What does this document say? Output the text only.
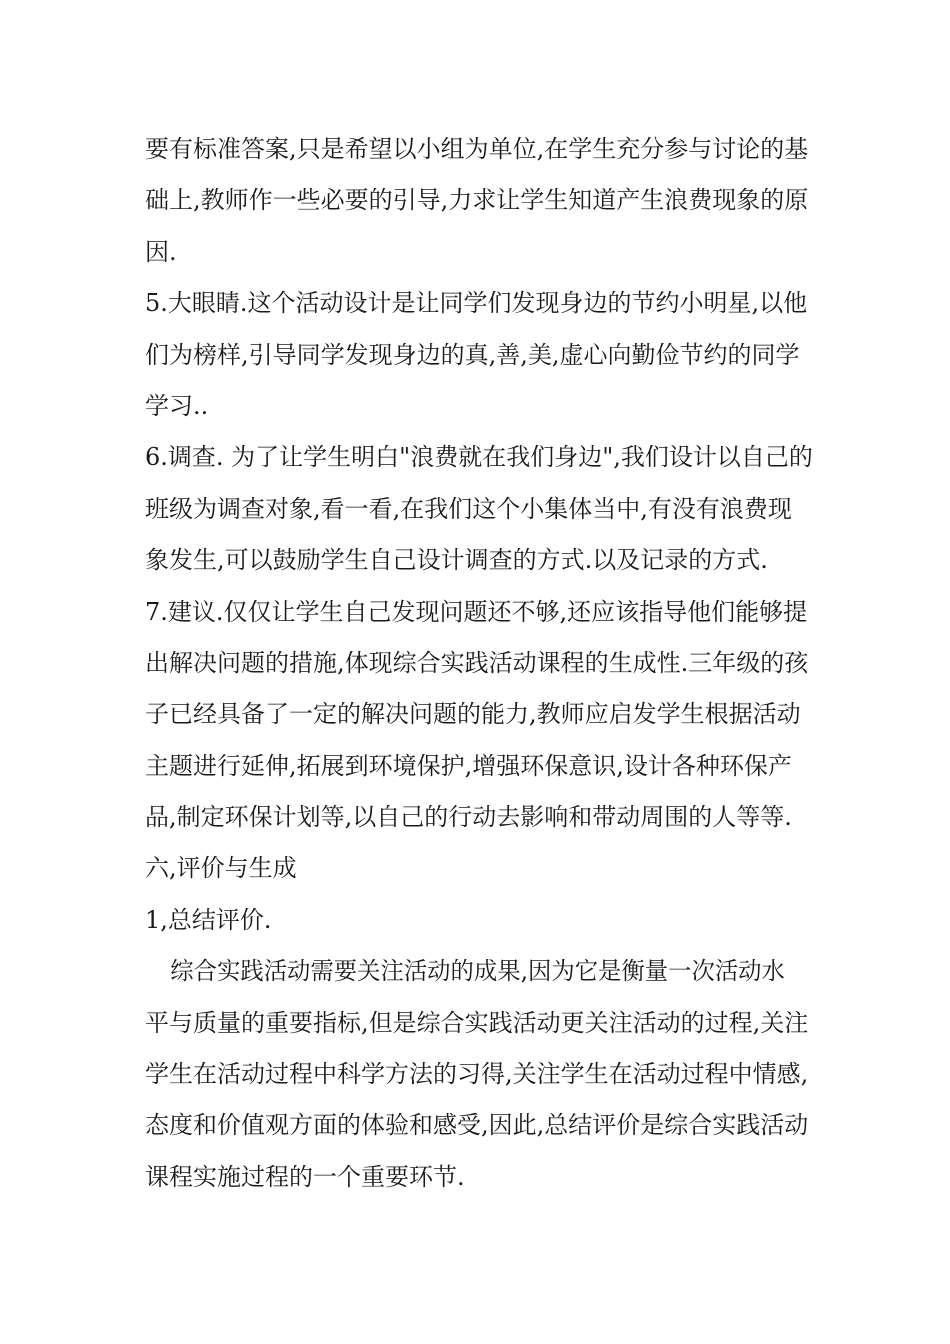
要有标准答案,只是希望以小组为单位,在学生充分参与讨论的基
础上,教师作一些必要的引导,力求让学生知道产生浪费现象的原
因.
5.大眼睛.这个活动设计是让同学们发现身边的节约小明星,以他
们为榜样,引导同学发现身边的真,善,美,虚心向勤俭节约的同学
学习..
6.调查. 为了让学生明白"浪费就在我们身边",我们设计以自己的
班级为调查对象,看一看,在我们这个小集体当中,有没有浪费现
象发生,可以鼓励学生自己设计调查的方式.以及记录的方式.
7.建议.仅仅让学生自己发现问题还不够,还应该指导他们能够提
出解决问题的措施,体现综合实践活动课程的生成性.三年级的孩
子已经具备了一定的解决问题的能力,教师应启发学生根据活动
主题进行延伸,拓展到环境保护,增强环保意识,设计各种环保产
品,制定环保计划等,以自己的行动去影响和带动周围的人等等.
六,评价与生成
1,总结评价.
综合实践活动需要关注活动的成果,因为它是衡量一次活动水
平与质量的重要指标,但是综合实践活动更关注活动的过程,关注
学生在活动过程中科学方法的习得,关注学生在活动过程中情感,
态度和价值观方面的体验和感受,因此,总结评价是综合实践活动
课程实施过程的一个重要环节.
